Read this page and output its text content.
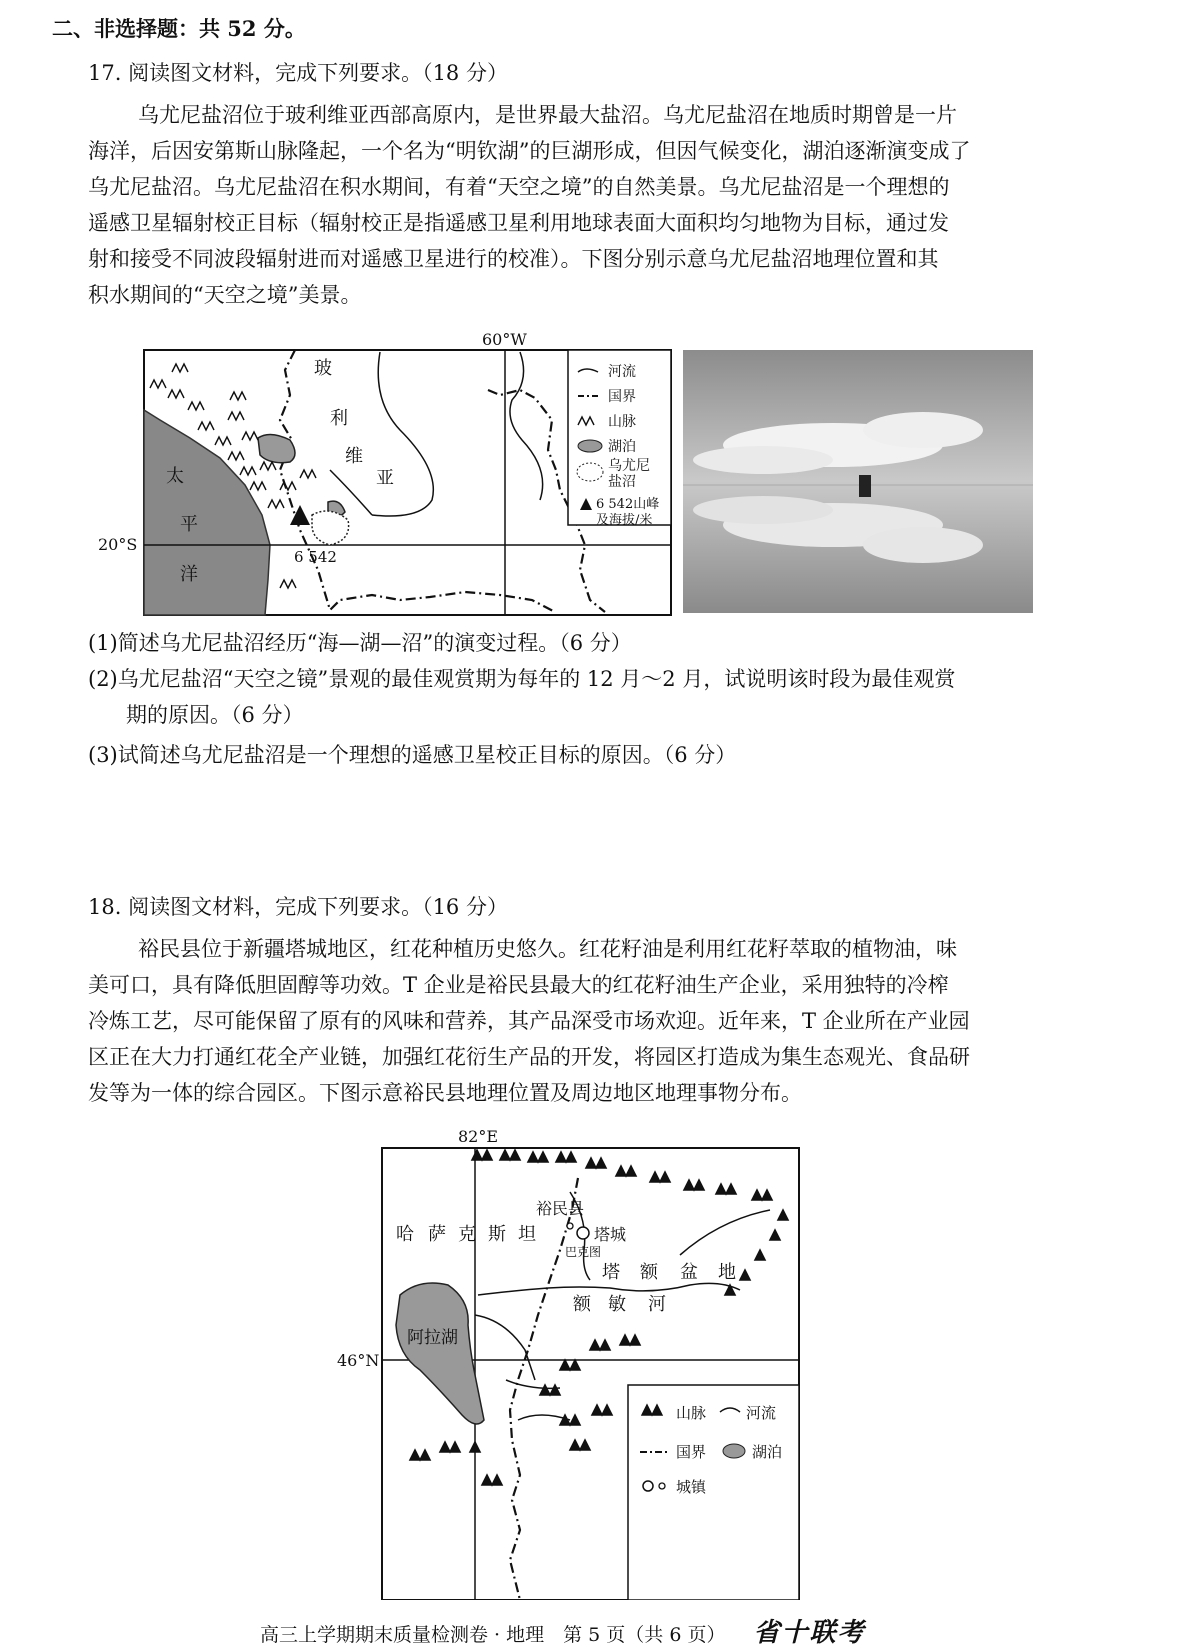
二、非选择题：共 52 分。
17. 阅读图文材料，完成下列要求。（18 分）
乌尤尼盐沼位于玻利维亚西部高原内，是世界最大盐沼。乌尤尼盐沼在地质时期曾是一片
海洋，后因安第斯山脉隆起，一个名为“明钦湖”的巨湖形成，但因气候变化，湖泊逐渐演变成了
乌尤尼盐沼。乌尤尼盐沼在积水期间，有着“天空之境”的自然美景。乌尤尼盐沼是一个理想的
遥感卫星辐射校正目标（辐射校正是指遥感卫星利用地球表面大面积均匀地物为目标，通过发
射和接受不同波段辐射进而对遥感卫星进行的校准）。下图分别示意乌尤尼盐沼地理位置和其
积水期间的“天空之境”美景。
60°W
太
平
洋
20°S
6 542
玻
利
维
亚
河流
国界
山脉
湖泊
乌尤尼
盐沼
6 542山峰
及海拔/米
(1)简述乌尤尼盐沼经历“海—湖—沼”的演变过程。（6 分）
(2)乌尤尼盐沼“天空之镜”景观的最佳观赏期为每年的 12 月～2 月，试说明该时段为最佳观赏
期的原因。（6 分）
(3)试简述乌尤尼盐沼是一个理想的遥感卫星校正目标的原因。（6 分）
18. 阅读图文材料，完成下列要求。（16 分）
裕民县位于新疆塔城地区，红花种植历史悠久。红花籽油是利用红花籽萃取的植物油，味
美可口，具有降低胆固醇等功效。T 企业是裕民县最大的红花籽油生产企业，采用独特的冷榨
冷炼工艺，尽可能保留了原有的风味和营养，其产品深受市场欢迎。近年来，T 企业所在产业园
区正在大力打通红花全产业链，加强红花衍生产品的开发，将园区打造成为集生态观光、食品研
发等为一体的综合园区。下图示意裕民县地理位置及周边地区地理事物分布。
82°E
46°N
阿拉湖
裕民县
塔城
巴克图
哈 萨 克 斯 坦
塔 额 盆 地
额 敏 河
山脉	河流
国界	湖泊
城镇
高三上学期期末质量检测卷 · 地理　第 5 页（共 6 页） 省十联考
